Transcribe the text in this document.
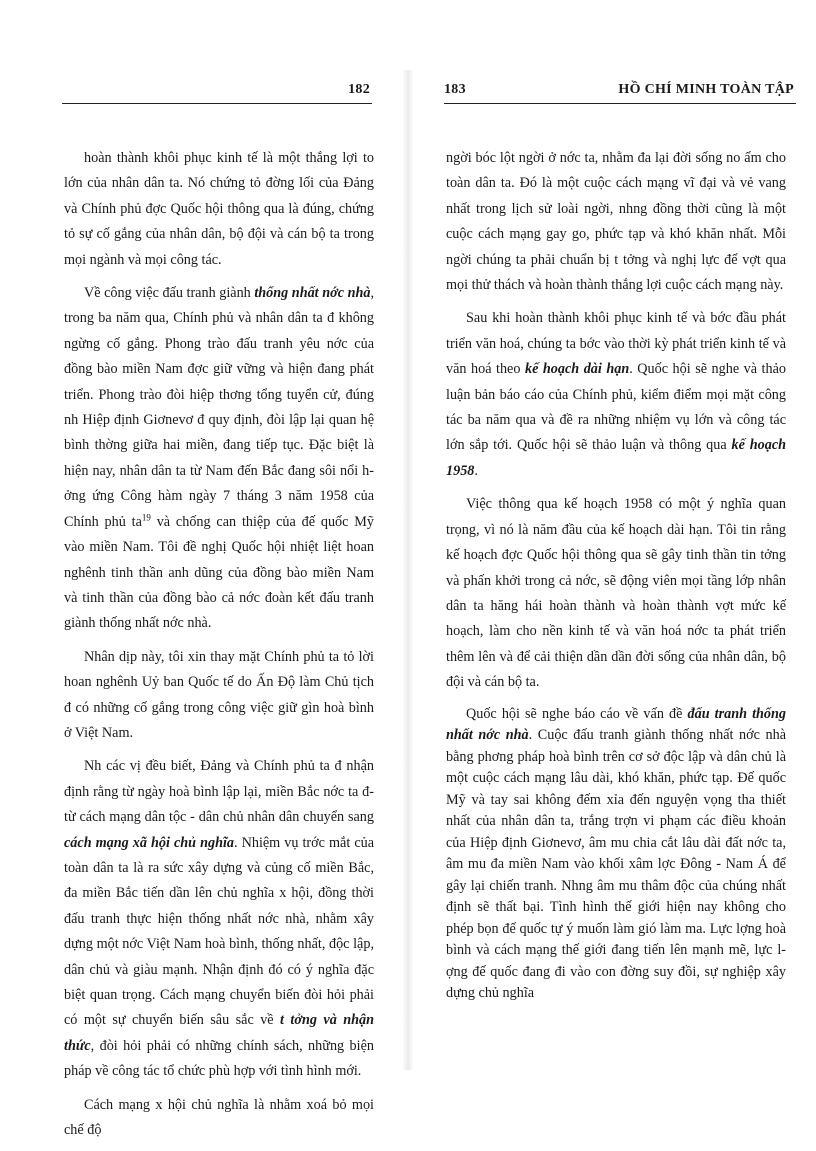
182

hoàn thành khôi phục kinh tế là một thắng lợi to lớn của nhân dân ta. Nó chứng tỏ đờng lối của Đảng và Chính phủ đợc Quốc hội thông qua là đúng, chứng tỏ sự cố gắng của nhân dân, bộ đội và cán bộ ta trong mọi ngành và mọi công tác.

Về công việc đấu tranh giành thống nhất nớc nhà, trong ba năm qua, Chính phủ và nhân dân ta đ không ngừng cố gắng. Phong trào đấu tranh yêu nớc của đồng bào miền Nam đợc giữ vững và hiện đang phát triển. Phong trào đòi hiệp thơng tổng tuyển cử, đúng nh Hiệp định Giơnevơ đ quy định, đòi lập lại quan hệ bình thờng giữa hai miền, đang tiếp tục. Đặc biệt là hiện nay, nhân dân ta từ Nam đến Bắc đang sôi nổi hởng ứng Công hàm ngày 7 tháng 3 năm 1958 của Chính phủ $ta^{19}$ và chống can thiệp của đế quốc Mỹ vào miền Nam. Tôi đề nghị Quốc hội nhiệt liệt hoan nghênh tinh thần anh dũng của đồng bào miền Nam và tinh thần của đồng bào cả nớc đoàn kết đấu tranh giành thống nhất nớc nhà.

Nhân dịp này, tôi xin thay mặt Chính phủ ta tỏ lời hoan nghênh Uỷ ban Quốc tế do Ấn Độ làm Chủ tịch đ có những cố gắng trong công việc giữ gìn hoà bình ở Việt Nam.

Nh các vị đều biết, Đảng và Chính phủ ta đ nhận định rằng từ ngày hoà bình lập lại, miền Bắc nớc ta đ từ cách mạng dân tộc - dân chủ nhân dân chuyển sang cách mạng xã hội chủ nghĩa. Nhiệm vụ trớc mắt của toàn dân ta là ra sức xây dựng và củng cố miền Bắc, đa miền Bắc tiến dần lên chủ nghĩa x hội, đồng thời đấu tranh thực hiện thống nhất nớc nhà, nhằm xây dựng một nớc Việt Nam hoà bình, thống nhất, độc lập, dân chủ và giàu mạnh. Nhận định đó có ý nghĩa đặc biệt quan trọng. Cách mạng chuyển biến đòi hỏi phải có một sự chuyển biến sâu sắc về t tởng và nhận thức, đòi hỏi phải có những chính sách, những biện pháp về công tác tổ chức phù hợp với tình hình mới.

Cách mạng x hội chủ nghĩa là nhằm xoá bỏ mọi chế độ

183	HỒ CHÍ MINH TOÀN TẬP

ngời bóc lột ngời ở nớc ta, nhằm đa lại đời sống no ấm cho toàn dân ta. Đó là một cuộc cách mạng vĩ đại và vẻ vang nhất trong lịch sử loài ngời, nhng đồng thời cũng là một cuộc cách mạng gay go, phức tạp và khó khăn nhất. Mỗi ngời chúng ta phải chuẩn bị t tởng và nghị lực để vợt qua mọi thử thách và hoàn thành thắng lợi cuộc cách mạng này.

Sau khi hoàn thành khôi phục kinh tế và bớc đầu phát triển văn hoá, chúng ta bớc vào thời kỳ phát triển kinh tế và văn hoá theo kế hoạch dài hạn. Quốc hội sẽ nghe và thảo luận bản báo cáo của Chính phủ, kiểm điểm mọi mặt công tác ba năm qua và đề ra những nhiệm vụ lớn và công tác lớn sắp tới. Quốc hội sẽ thảo luận và thông qua kế hoạch 1958.

Việc thông qua kế hoạch 1958 có một ý nghĩa quan trọng, vì nó là năm đầu của kế hoạch dài hạn. Tôi tin rằng kế hoạch đợc Quốc hội thông qua sẽ gây tinh thần tin tởng và phấn khởi trong cả nớc, sẽ động viên mọi tầng lớp nhân dân ta hăng hái hoàn thành và hoàn thành vợt mức kế hoạch, làm cho nền kinh tế và văn hoá nớc ta phát triển thêm lên và để cải thiện dần dần đời sống của nhân dân, bộ đội và cán bộ ta.

Quốc hội sẽ nghe báo cáo về vấn đề đấu tranh thống nhất nớc nhà. Cuộc đấu tranh giành thống nhất nớc nhà bằng phơng pháp hoà bình trên cơ sở độc lập và dân chủ là một cuộc cách mạng lâu dài, khó khăn, phức tạp. Đế quốc Mỹ và tay sai không đếm xỉa đến nguyện vọng tha thiết nhất của nhân dân ta, trắng trợn vi phạm các điều khoản của Hiệp định Giơnevơ, âm mu chia cắt lâu dài đất nớc ta, âm mu đa miền Nam vào khối xâm lợc Đông - Nam Á để gây lại chiến tranh. Nhng âm mu thâm độc của chúng nhất định sẽ thất bại. Tình hình thế giới hiện nay không cho phép bọn đế quốc tự ý muốn làm gió làm ma. Lực lợng hoà bình và cách mạng thế giới đang tiến lên mạnh mẽ, lực lợng đế quốc đang đi vào con đờng suy đồi, sự nghiệp xây dựng chủ nghĩa
